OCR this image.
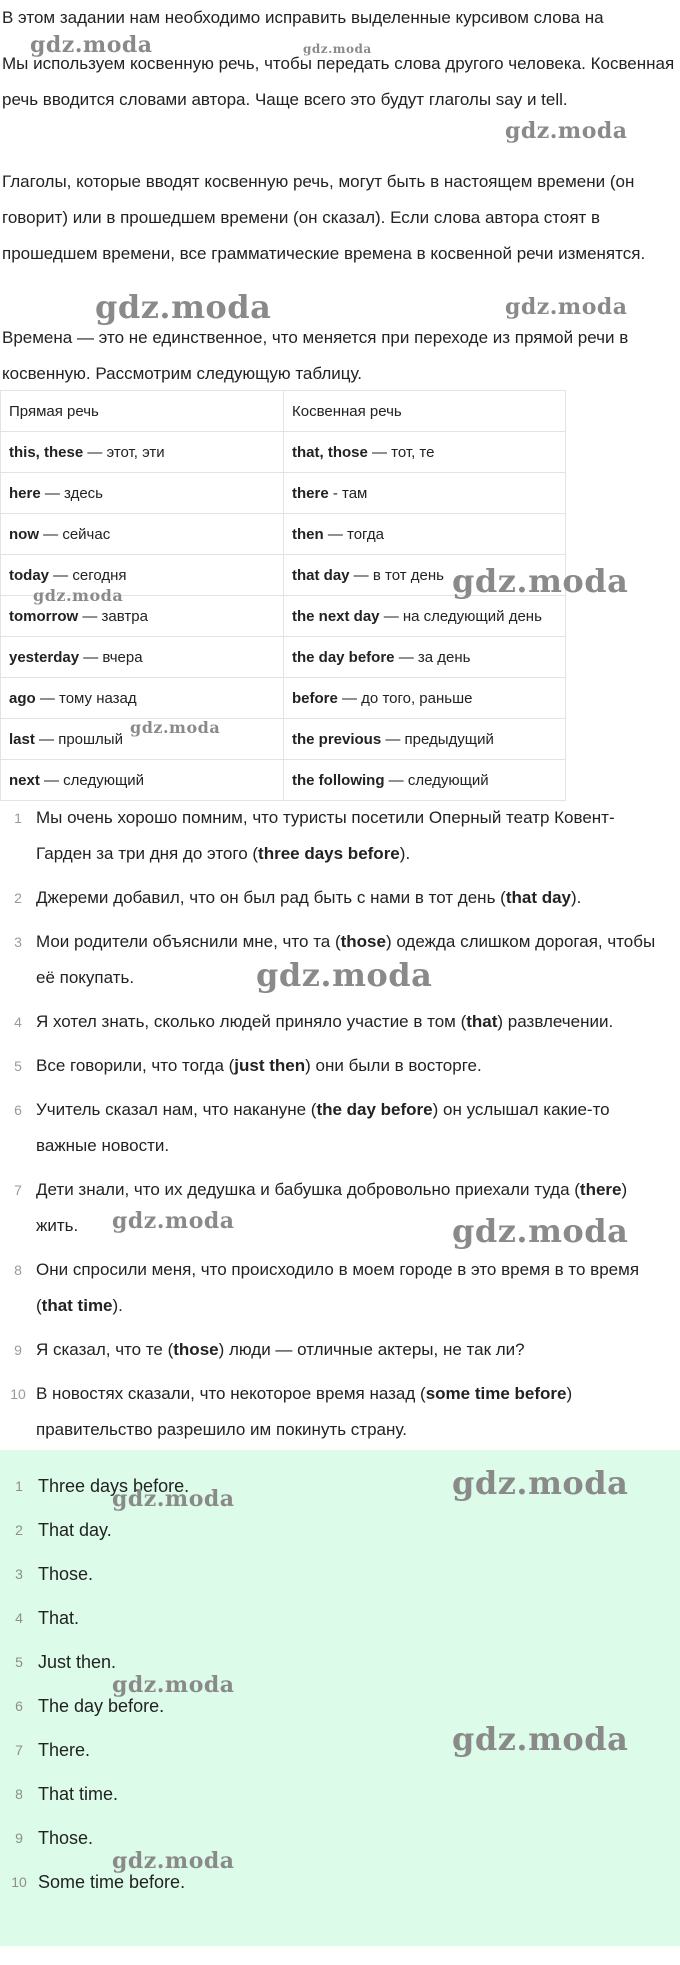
В этом задании нам необходимо исправить выделенные курсивом слова на
Мы используем косвенную речь, чтобы передать слова другого человека. Косвенная речь вводится словами автора. Чаще всего это будут глаголы say и tell.
Глаголы, которые вводят косвенную речь, могут быть в настоящем времени (он говорит) или в прошедшем времени (он сказал). Если слова автора стоят в прошедшем времени, все грамматические времена в косвенной речи изменятся.
Времена — это не единственное, что меняется при переходе из прямой речи в косвенную. Рассмотрим следующую таблицу.
Прямая речь	Косвенная речь
this, these — этот, эти	that, those — тот, те
here — здесь	there - там
now — сейчас	then — тогда
today — сегодня	that day — в тот день
tomorrow — завтра	the next day — на следующий день
yesterday — вчера	the day before — за день
ago — тому назад	before — до того, раньше
last — прошлый	the previous — предыдущий
next — следующий	the following — следующий
1 Мы очень хорошо помним, что туристы посетили Оперный театр Ковент-Гарден за три дня до этого (three days before).
2 Джереми добавил, что он был рад быть с нами в тот день (that day).
3 Мои родители объяснили мне, что та (those) одежда слишком дорогая, чтобы её покупать.
4 Я хотел знать, сколько людей приняло участие в том (that) развлечении.
5 Все говорили, что тогда (just then) они были в восторге.
6 Учитель сказал нам, что накануне (the day before) он услышал какие-то важные новости.
7 Дети знали, что их дедушка и бабушка добровольно приехали туда (there) жить.
8 Они спросили меня, что происходило в моем городе в это время в то время (that time).
9 Я сказал, что те (those) люди — отличные актеры, не так ли?
10 В новостях сказали, что некоторое время назад (some time before) правительство разрешило им покинуть страну.
1 Three days before.
2 That day.
3 Those.
4 That.
5 Just then.
6 The day before.
7 There.
8 That time.
9 Those.
10 Some time before.
gdz.moda	gdz.moda
gdz.moda
gdz.moda	gdz.moda
gdz.moda
gdz.moda
gdz.moda
gdz.moda
gdz.moda	gdz.moda
gdz.moda	gdz.moda
gdz.moda
gdz.moda
gdz.moda
